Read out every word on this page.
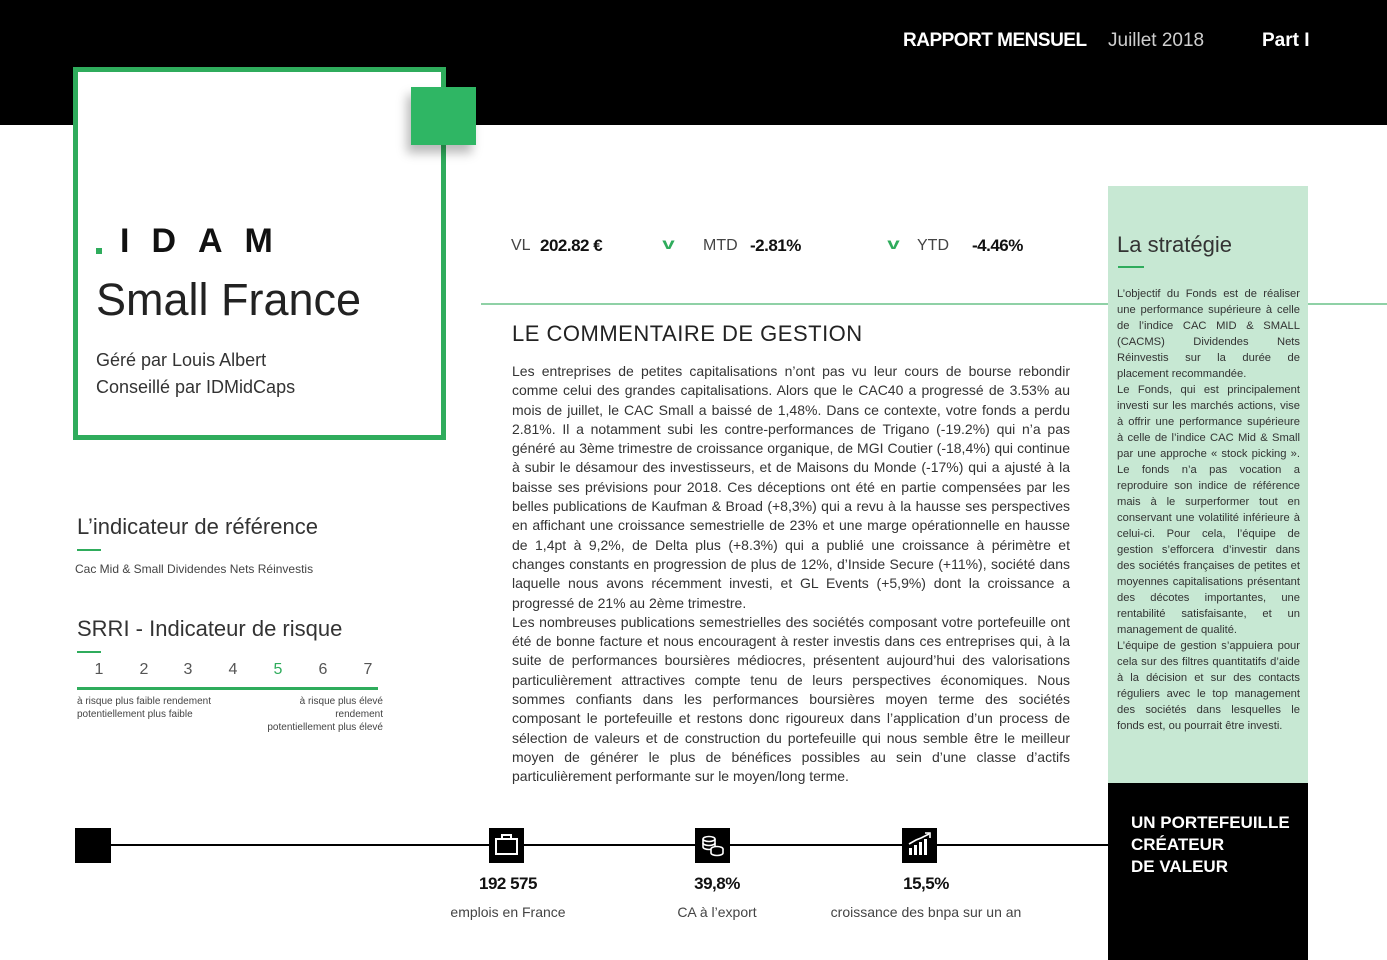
RAPPORT MENSUEL Juillet 2018	Part I
IDAM
Small France
Géré par Louis Albert
Conseillé par IDMidCaps
VL 202.82 €	v MTD -2.81%	v YTD -4.46%
LE COMMENTAIRE DE GESTION

Les entreprises de petites capitalisations n’ont pas vu leur cours de bourse rebondir comme celui des grandes capitalisations. Alors que le CAC40 a progressé de 3.53% au mois de juillet, le CAC Small a baissé de 1,48%. Dans ce contexte, votre fonds a perdu 2.81%. Il a notamment subi les contre-performances de Trigano (-19.2%) qui n’a pas généré au 3ème trimestre de croissance organique, de MGI Coutier (-18,4%) qui continue à subir le désamour des investisseurs, et de Maisons du Monde (-17%) qui a ajusté à la baisse ses prévisions pour 2018. Ces déceptions ont été en partie compensées par les belles publications de Kaufman & Broad (+8,3%) qui a revu à la hausse ses perspectives en affichant une croissance semestrielle de 23% et une marge opérationnelle en hausse de 1,4pt à 9,2%, de Delta plus (+8.3%) qui a publié une croissance à périmètre et changes constants en progression de plus de 12%, d’Inside Secure (+11%), société dans laquelle nous avons récemment investi, et GL Events (+5,9%) dont la croissance a progressé de 21% au 2ème trimestre.

Les nombreuses publications semestrielles des sociétés composant votre portefeuille ont été de bonne facture et nous encouragent à rester investis dans ces entreprises qui, à la suite de performances boursières médiocres, présentent aujourd’hui des valorisations particulièrement attractives compte tenu de leurs perspectives économiques. Nous sommes confiants dans les performances boursières moyen terme des sociétés composant le portefeuille et restons donc rigoureux dans l’application d’un process de sélection de valeurs et de construction du portefeuille qui nous semble être le meilleur moyen de générer le plus de bénéfices possibles au sein d’une classe d’actifs particulièrement performante sur le moyen/long terme.

La stratégie

L’objectif du Fonds est de réaliser une performance supérieure à celle de l’indice CAC MID & SMALL (CACMS) Dividendes Nets Réinvestis sur la durée de placement recommandée.

Le Fonds, qui est principalement investi sur les marchés actions, vise à offrir une performance supérieure à celle de l’indice CAC Mid & Small par une approche « stock picking ». Le fonds n’a pas vocation a reproduire son indice de référence mais à le surperformer tout en conservant une volatilité inférieure à celui-ci. Pour cela, l’équipe de gestion s’efforcera d’investir dans des sociétés françaises de petites et moyennes capitalisations présentant des décotes importantes, une rentabilité satisfaisante, et un management de qualité.

L’équipe de gestion s’appuiera pour cela sur des filtres quantitatifs d’aide à la décision et sur des contacts réguliers avec le top management des sociétés dans lesquelles le fonds est, ou pourrait être investi.

UN PORTEFEUILLE
CRÉATEUR
DE VALEUR
L’indicateur de référence
Cac Mid & Small Dividendes Nets Réinvestis
SRRI - Indicateur de risque
1	2	3	4	5	6	7
à risque plus faible rendement
potentiellement plus faible
à risque plus élevé rendement
potentiellement plus élevé
192 575
emplois en France
39,8%
CA à l’export
15,5%
croissance des bnpa sur un an
